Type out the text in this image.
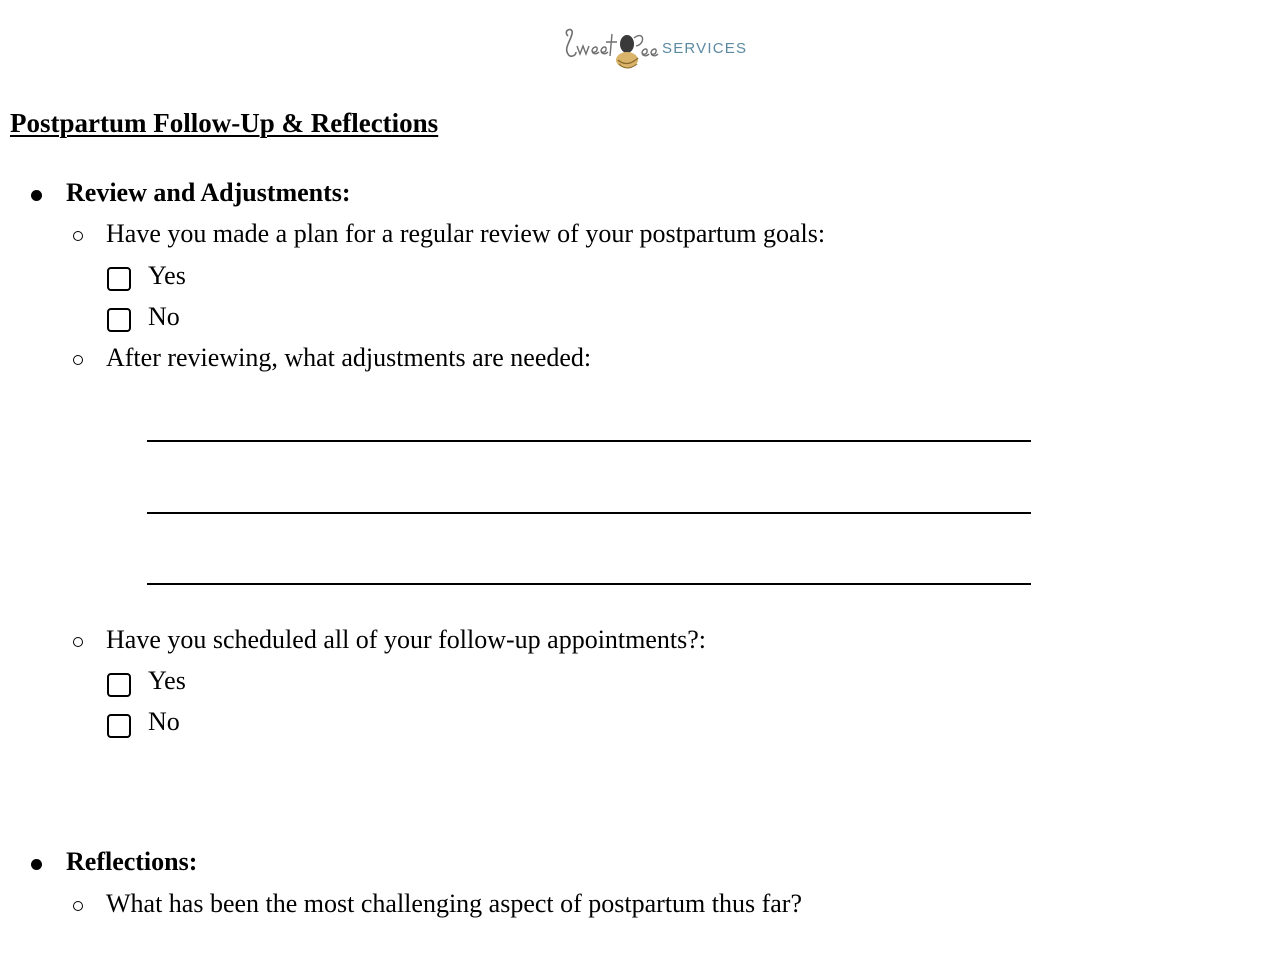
SERVICES
Postpartum Follow-Up & Reflections
Review and Adjustments:
Have you made a plan for a regular review of your postpartum goals:
Yes
No
After reviewing, what adjustments are needed:
Have you scheduled all of your follow-up appointments?:
Yes
No
Reflections:
What has been the most challenging aspect of postpartum thus far?
